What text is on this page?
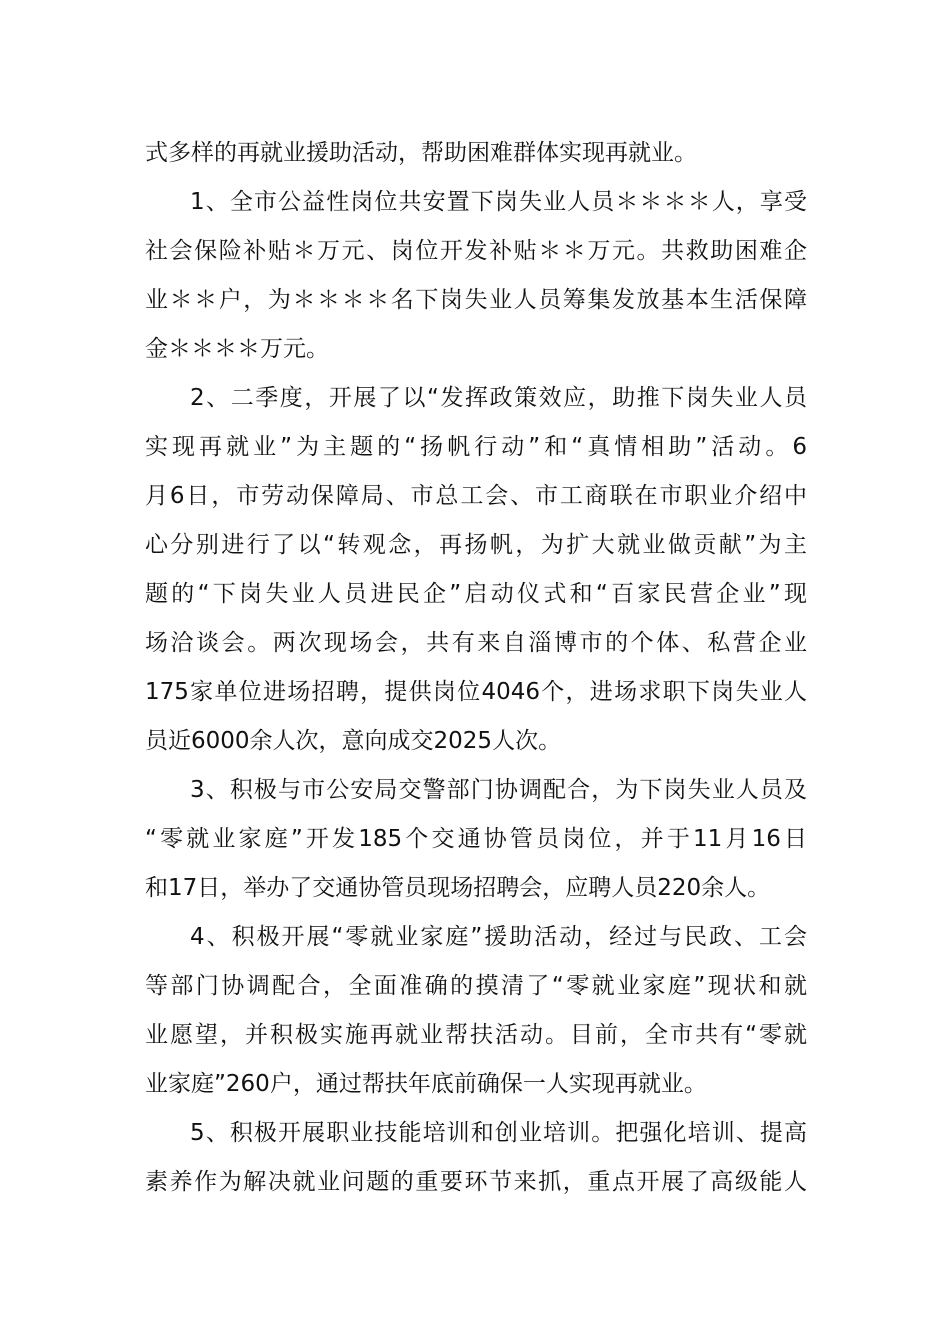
式多样的再就业援助活动，帮助困难群体实现再就业。
1、全市公益性岗位共安置下岗失业人员＊＊＊＊人，享受
社会保险补贴＊万元、岗位开发补贴＊＊万元。共救助困难企
业＊＊户，为＊＊＊＊名下岗失业人员筹集发放基本生活保障
金＊＊＊＊万元。
2、二季度，开展了以“发挥政策效应，助推下岗失业人员
实现再就业”为主题的“扬帆行动”和“真情相助”活动。6
月6日，市劳动保障局、市总工会、市工商联在市职业介绍中
心分别进行了以“转观念，再扬帆，为扩大就业做贡献”为主
题的“下岗失业人员进民企”启动仪式和“百家民营企业”现
场洽谈会。两次现场会，共有来自淄博市的个体、私营企业
175家单位进场招聘，提供岗位4046个，进场求职下岗失业人
员近6000余人次，意向成交2025人次。
3、积极与市公安局交警部门协调配合，为下岗失业人员及
“零就业家庭”开发185个交通协管员岗位，并于11月16日
和17日，举办了交通协管员现场招聘会，应聘人员220余人。
4、积极开展“零就业家庭”援助活动，经过与民政、工会
等部门协调配合，全面准确的摸清了“零就业家庭”现状和就
业愿望，并积极实施再就业帮扶活动。目前，全市共有“零就
业家庭”260户，通过帮扶年底前确保一人实现再就业。
5、积极开展职业技能培训和创业培训。把强化培训、提高
素养作为解决就业问题的重要环节来抓，重点开展了高级能人
